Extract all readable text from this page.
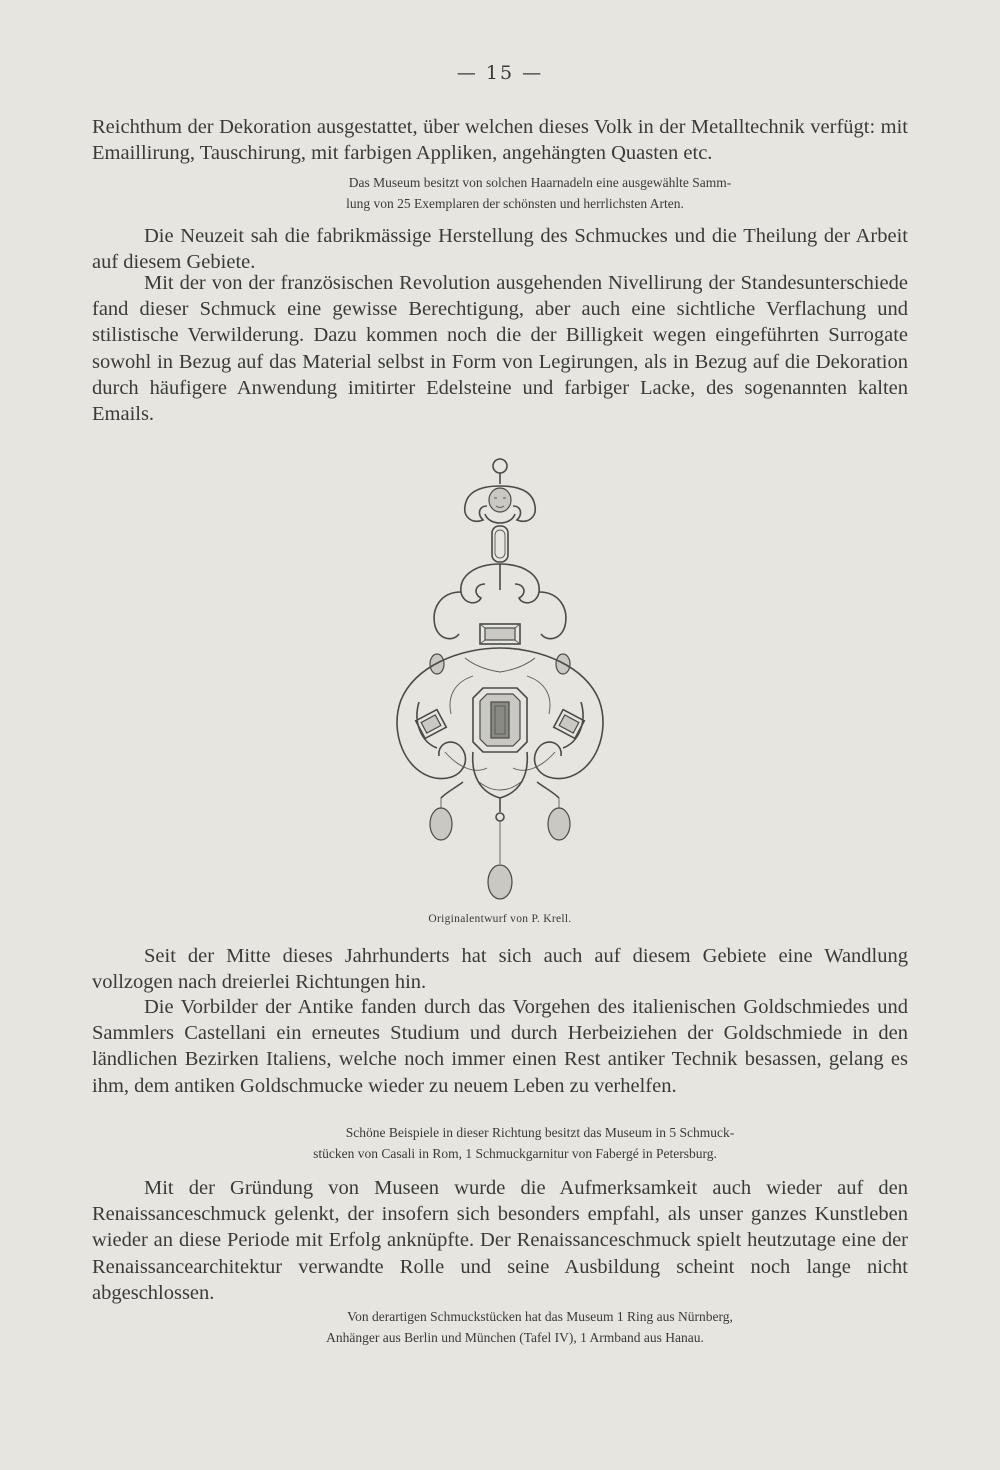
— 15 —

Reichthum der Dekoration ausgestattet, über welchen dieses Volk in der Metalltechnik verfügt: mit Emaillirung, Tauschirung, mit farbigen Appliken, angehängten Quasten etc.

Das Museum besitzt von solchen Haarnadeln eine ausgewählte Samm-
lung von 25 Exemplaren der schönsten und herrlichsten Arten.

Die Neuzeit sah die fabrikmässige Herstellung des Schmuckes und die Theilung der Arbeit auf diesem Gebiete.

Mit der von der französischen Revolution ausgehenden Nivellirung der Standesunterschiede fand dieser Schmuck eine gewisse Berechtigung, aber auch eine sichtliche Verflachung und stilistische Verwilderung. Dazu kommen noch die der Billigkeit wegen eingeführten Surrogate sowohl in Bezug auf das Material selbst in Form von Legirungen, als in Bezug auf die Dekoration durch häufigere Anwendung imitirter Edelsteine und farbiger Lacke, des sogenannten kalten Emails.

Originalentwurf von P. Krell.

Seit der Mitte dieses Jahrhunderts hat sich auch auf diesem Gebiete eine Wandlung vollzogen nach dreierlei Richtungen hin.

Die Vorbilder der Antike fanden durch das Vorgehen des italienischen Goldschmiedes und Sammlers Castellani ein erneutes Studium und durch Herbeiziehen der Goldschmiede in den ländlichen Bezirken Italiens, welche noch immer einen Rest antiker Technik besassen, gelang es ihm, dem antiken Goldschmucke wieder zu neuem Leben zu verhelfen.

Schöne Beispiele in dieser Richtung besitzt das Museum in 5 Schmuck-
stücken von Casali in Rom, 1 Schmuckgarnitur von Fabergé in Petersburg.

Mit der Gründung von Museen wurde die Aufmerksamkeit auch wieder auf den Renaissanceschmuck gelenkt, der insofern sich besonders empfahl, als unser ganzes Kunstleben wieder an diese Periode mit Erfolg anknüpfte. Der Renaissanceschmuck spielt heutzutage eine der Renaissancearchitektur verwandte Rolle und seine Ausbildung scheint noch lange nicht abgeschlossen.

Von derartigen Schmuckstücken hat das Museum 1 Ring aus Nürnberg,
Anhänger aus Berlin und München (Tafel IV), 1 Armband aus Hanau.
